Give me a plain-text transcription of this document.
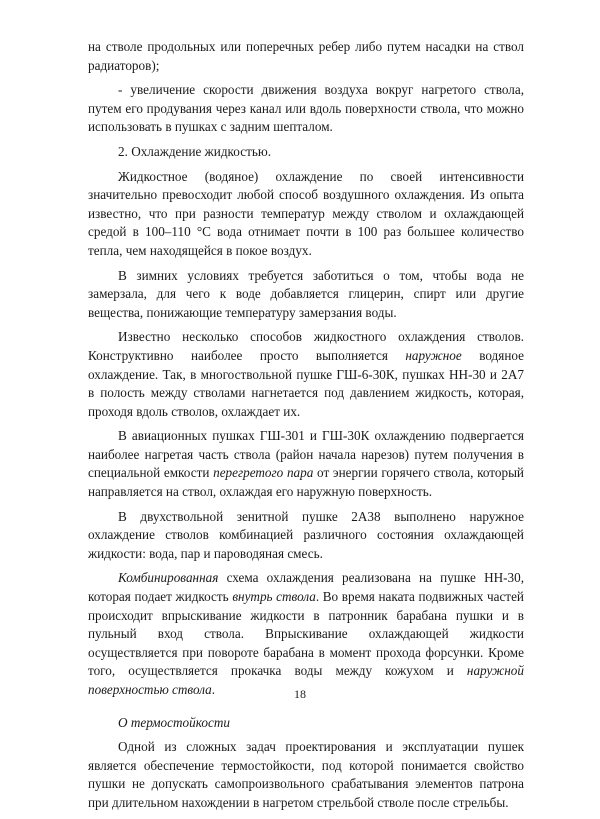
на стволе продольных или поперечных ребер либо путем насадки на ствол радиаторов);

- увеличение скорости движения воздуха вокруг нагретого ствола, путем его продувания через канал или вдоль поверхности ствола, что можно использовать в пушках с задним шепталом.

2. Охлаждение жидкостью.

Жидкостное (водяное) охлаждение по своей интенсивности значительно превосходит любой способ воздушного охлаждения. Из опыта известно, что при разности температур между стволом и охлаждающей средой в 100–110 °C вода отнимает почти в 100 раз большее количество тепла, чем находящейся в покое воздух.

В зимних условиях требуется заботиться о том, чтобы вода не замерзала, для чего к воде добавляется глицерин, спирт или другие вещества, понижающие температуру замерзания воды.

Известно несколько способов жидкостного охлаждения стволов. Конструктивно наиболее просто выполняется наружное водяное охлаждение. Так, в многоствольной пушке ГШ-6-30К, пушках НН-30 и 2А7 в полость между стволами нагнетается под давлением жидкость, которая, проходя вдоль стволов, охлаждает их.

В авиационных пушках ГШ-301 и ГШ-30К охлаждению подвергается наиболее нагретая часть ствола (район начала нарезов) путем получения в специальной емкости перегретого пара от энергии горячего ствола, который направляется на ствол, охлаждая его наружную поверхность.

В двухствольной зенитной пушке 2А38 выполнено наружное охлаждение стволов комбинацией различного состояния охлаждающей жидкости: вода, пар и пароводяная смесь.

Комбинированная схема охлаждения реализована на пушке НН-30, которая подает жидкость внутрь ствола. Во время наката подвижных частей происходит впрыскивание жидкости в патронник барабана пушки и в пульный вход ствола. Впрыскивание охлаждающей жидкости осуществляется при повороте барабана в момент прохода форсунки. Кроме того, осуществляется прокачка воды между кожухом и наружной поверхностью ствола.

О термостойкости

Одной из сложных задач проектирования и эксплуатации пушек является обеспечение термостойкости, под которой понимается свойство пушки не допускать самопроизвольного срабатывания элементов патрона при длительном нахождении в нагретом стрельбой стволе после стрельбы.

18
